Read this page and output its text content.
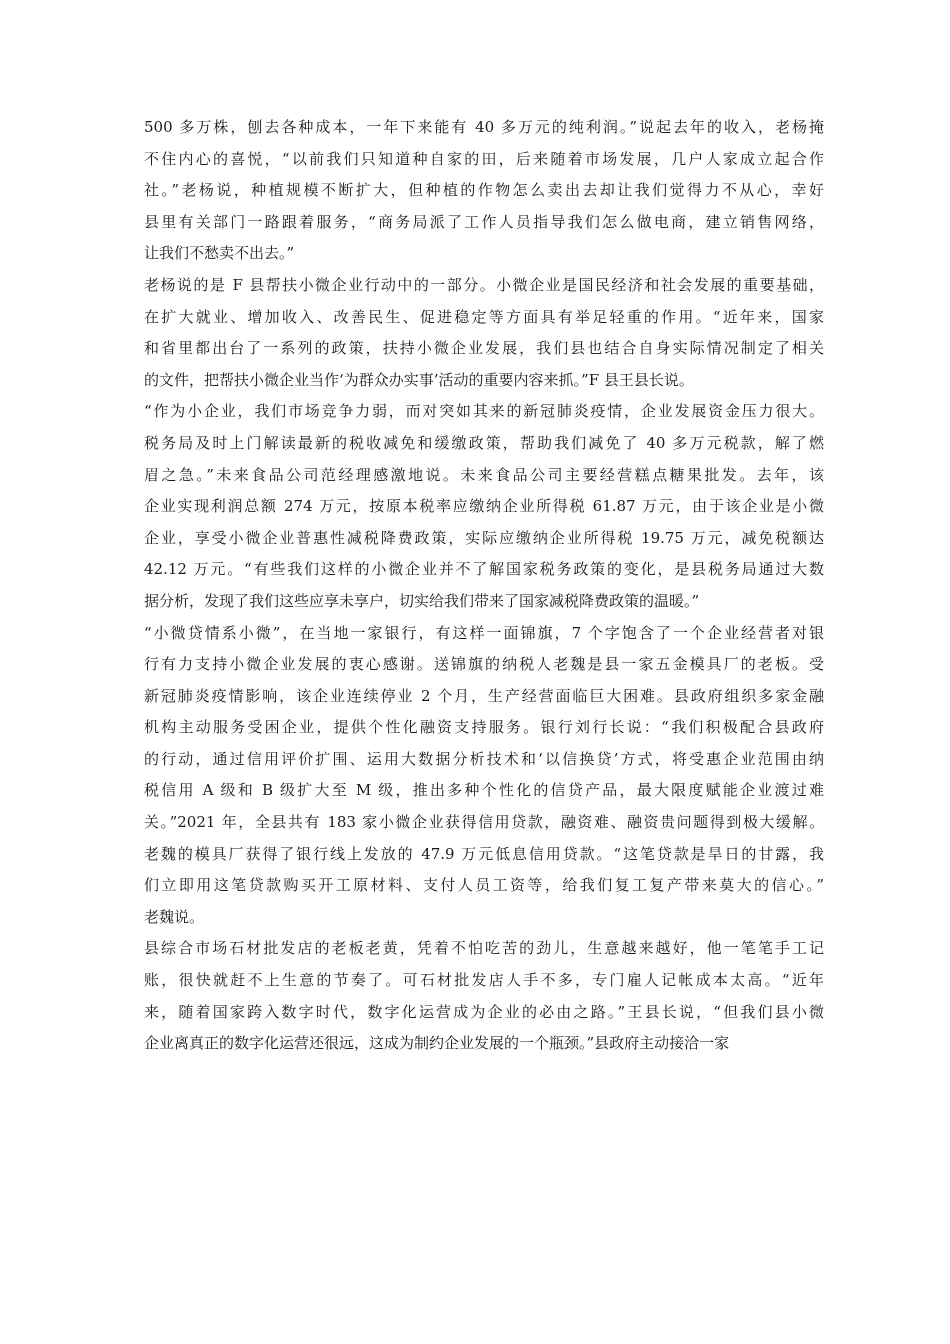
500 多万株，刨去各种成本，一年下来能有 40 多万元的纯利润。”说起去年的收入，老杨掩
不住内心的喜悦，“以前我们只知道种自家的田，后来随着市场发展，几户人家成立起合作
社。”老杨说，种植规模不断扩大，但种植的作物怎么卖出去却让我们觉得力不从心，幸好
县里有关部门一路跟着服务，“商务局派了工作人员指导我们怎么做电商，建立销售网络，
让我们不愁卖不出去。”
老杨说的是 F 县帮扶小微企业行动中的一部分。小微企业是国民经济和社会发展的重要基础，
在扩大就业、增加收入、改善民生、促进稳定等方面具有举足轻重的作用。“近年来，国家
和省里都出台了一系列的政策，扶持小微企业发展，我们县也结合自身实际情况制定了相关
的文件，把帮扶小微企业当作‘为群众办实事’活动的重要内容来抓。”F 县王县长说。
“作为小企业，我们市场竞争力弱，而对突如其来的新冠肺炎疫情，企业发展资金压力很大。
税务局及时上门解读最新的税收减免和缓缴政策，帮助我们减免了 40 多万元税款，解了燃
眉之急。”未来食品公司范经理感激地说。未来食品公司主要经营糕点糖果批发。去年，该
企业实现利润总额 274 万元，按原本税率应缴纳企业所得税 61.87 万元，由于该企业是小微
企业，享受小微企业普惠性减税降费政策，实际应缴纳企业所得税 19.75 万元，减免税额达
42.12 万元。“有些我们这样的小微企业并不了解国家税务政策的变化，是县税务局通过大数
据分析，发现了我们这些应享未享户，切实给我们带来了国家减税降费政策的温暖。”
“小微贷情系小微”，在当地一家银行，有这样一面锦旗，7 个字饱含了一个企业经营者对银
行有力支持小微企业发展的衷心感谢。送锦旗的纳税人老魏是县一家五金模具厂的老板。受
新冠肺炎疫情影响，该企业连续停业 2 个月，生产经营面临巨大困难。县政府组织多家金融
机构主动服务受困企业，提供个性化融资支持服务。银行刘行长说：“我们积极配合县政府
的行动，通过信用评价扩围、运用大数据分析技术和‘以信换贷’方式，将受惠企业范围由纳
税信用 A 级和 B 级扩大至 M 级，推出多种个性化的信贷产品，最大限度赋能企业渡过难
关。”2021 年，全县共有 183 家小微企业获得信用贷款，融资难、融资贵问题得到极大缓解。
老魏的模具厂获得了银行线上发放的 47.9 万元低息信用贷款。“这笔贷款是旱日的甘露，我
们立即用这笔贷款购买开工原材料、支付人员工资等，给我们复工复产带来莫大的信心。”
老魏说。
县综合市场石材批发店的老板老黄，凭着不怕吃苦的劲儿，生意越来越好，他一笔笔手工记
账，很快就赶不上生意的节奏了。可石材批发店人手不多，专门雇人记帐成本太高。“近年
来，随着国家跨入数字时代，数字化运营成为企业的必由之路。”王县长说，“但我们县小微
企业离真正的数字化运营还很远，这成为制约企业发展的一个瓶颈。”县政府主动接洽一家
